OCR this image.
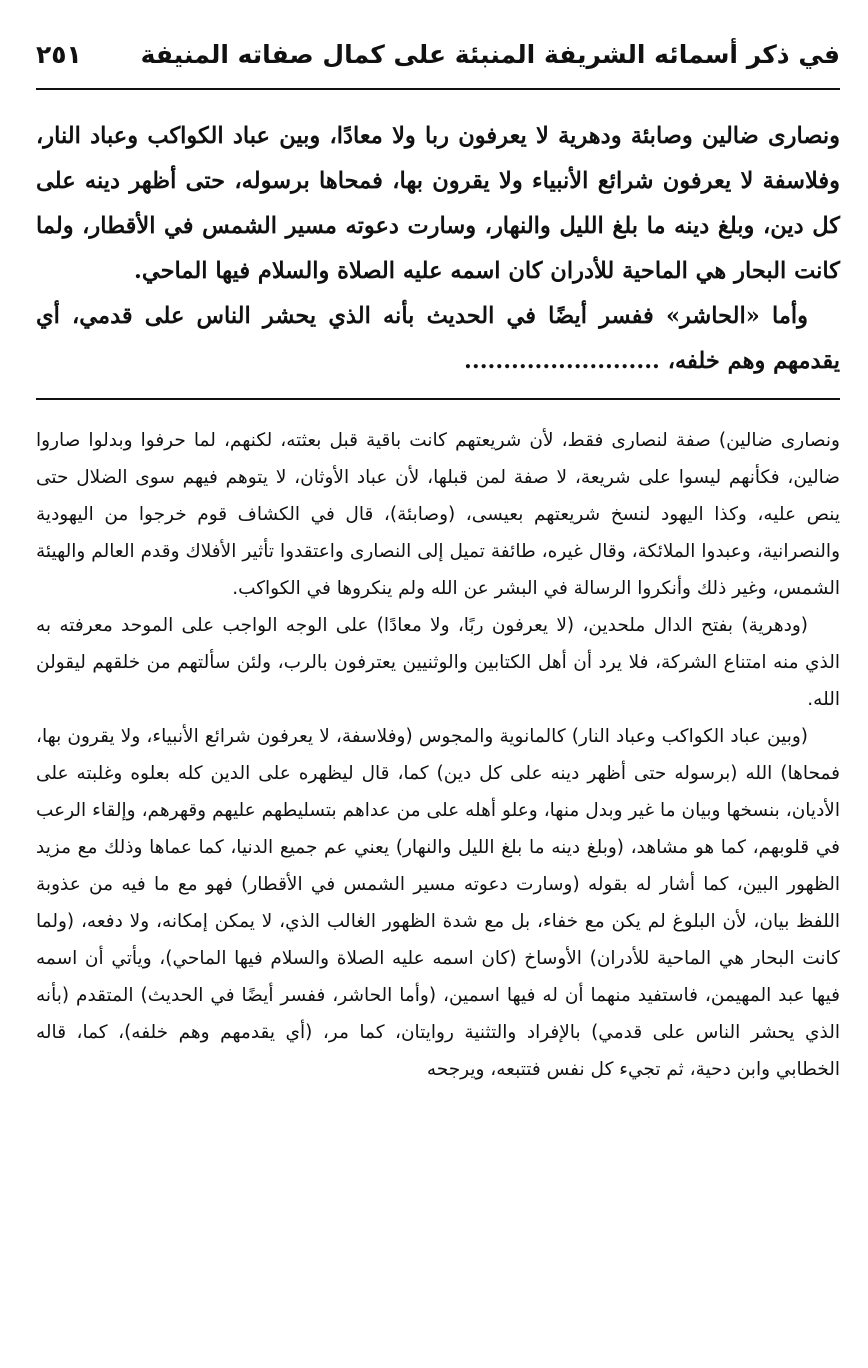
في ذكر أسمائه الشريفة المنبئة على كمال صفاته المنيفة
٢٥١

ونصارى ضالين وصابئة ودهرية لا يعرفون ربا ولا معادًا، وبين عباد الكواكب وعباد النار، وفلاسفة لا يعرفون شرائع الأنبياء ولا يقرون بها، فمحاها برسوله، حتى أظهر دينه على كل دين، وبلغ دينه ما بلغ الليل والنهار، وسارت دعوته مسير الشمس في الأقطار، ولما كانت البحار هي الماحية للأدران كان اسمه عليه الصلاة والسلام فيها الماحي.

وأما «الحاشر» ففسر أيضًا في الحديث بأنه الذي يحشر الناس على قدمي، أي يقدمهم وهم خلفه، .........................

ونصارى ضالين) صفة لنصارى فقط، لأن شريعتهم كانت باقية قبل بعثته، لكنهم، لما حرفوا وبدلوا صاروا ضالين، فكأنهم ليسوا على شريعة، لا صفة لمن قبلها، لأن عباد الأوثان، لا يتوهم فيهم سوى الضلال حتى ينص عليه، وكذا اليهود لنسخ شريعتهم بعيسى، (وصابئة)، قال في الكشاف قوم خرجوا من اليهودية والنصرانية، وعبدوا الملائكة، وقال غيره، طائفة تميل إلى النصارى واعتقدوا تأثير الأفلاك وقدم العالم والهيئة الشمس، وغير ذلك وأنكروا الرسالة في البشر عن الله ولم ينكروها في الكواكب.

(ودهرية) بفتح الدال ملحدين، (لا يعرفون ربًا، ولا معادًا) على الوجه الواجب على الموحد معرفته به الذي منه امتناع الشركة، فلا يرد أن أهل الكتابين والوثنيين يعترفون بالرب، ولئن سألتهم من خلقهم ليقولن الله.

(وبين عباد الكواكب وعباد النار) كالمانوية والمجوس (وفلاسفة، لا يعرفون شرائع الأنبياء، ولا يقرون بها، فمحاها) الله (برسوله حتى أظهر دينه على كل دين) كما، قال ليظهره على الدين كله بعلوه وغلبته على الأديان، بنسخها وبيان ما غير وبدل منها، وعلو أهله على من عداهم بتسليطهم عليهم وقهرهم، وإلقاء الرعب في قلوبهم، كما هو مشاهد، (وبلغ دينه ما بلغ الليل والنهار) يعني عم جميع الدنيا، كما عماها وذلك مع مزيد الظهور البين، كما أشار له بقوله (وسارت دعوته مسير الشمس في الأقطار) فهو مع ما فيه من عذوبة اللفظ بيان، لأن البلوغ لم يكن مع خفاء، بل مع شدة الظهور الغالب الذي، لا يمكن إمكانه، ولا دفعه، (ولما كانت البحار هي الماحية للأدران) الأوساخ (كان اسمه عليه الصلاة والسلام فيها الماحي)، ويأتي أن اسمه فيها عبد المهيمن، فاستفيد منهما أن له فيها اسمين، (وأما الحاشر، ففسر أيضًا في الحديث) المتقدم (بأنه الذي يحشر الناس على قدمي) بالإفراد والتثنية روايتان، كما مر، (أي يقدمهم وهم خلفه)، كما، قاله الخطابي وابن دحية، ثم تجيء كل نفس فتتبعه، ويرجحه
